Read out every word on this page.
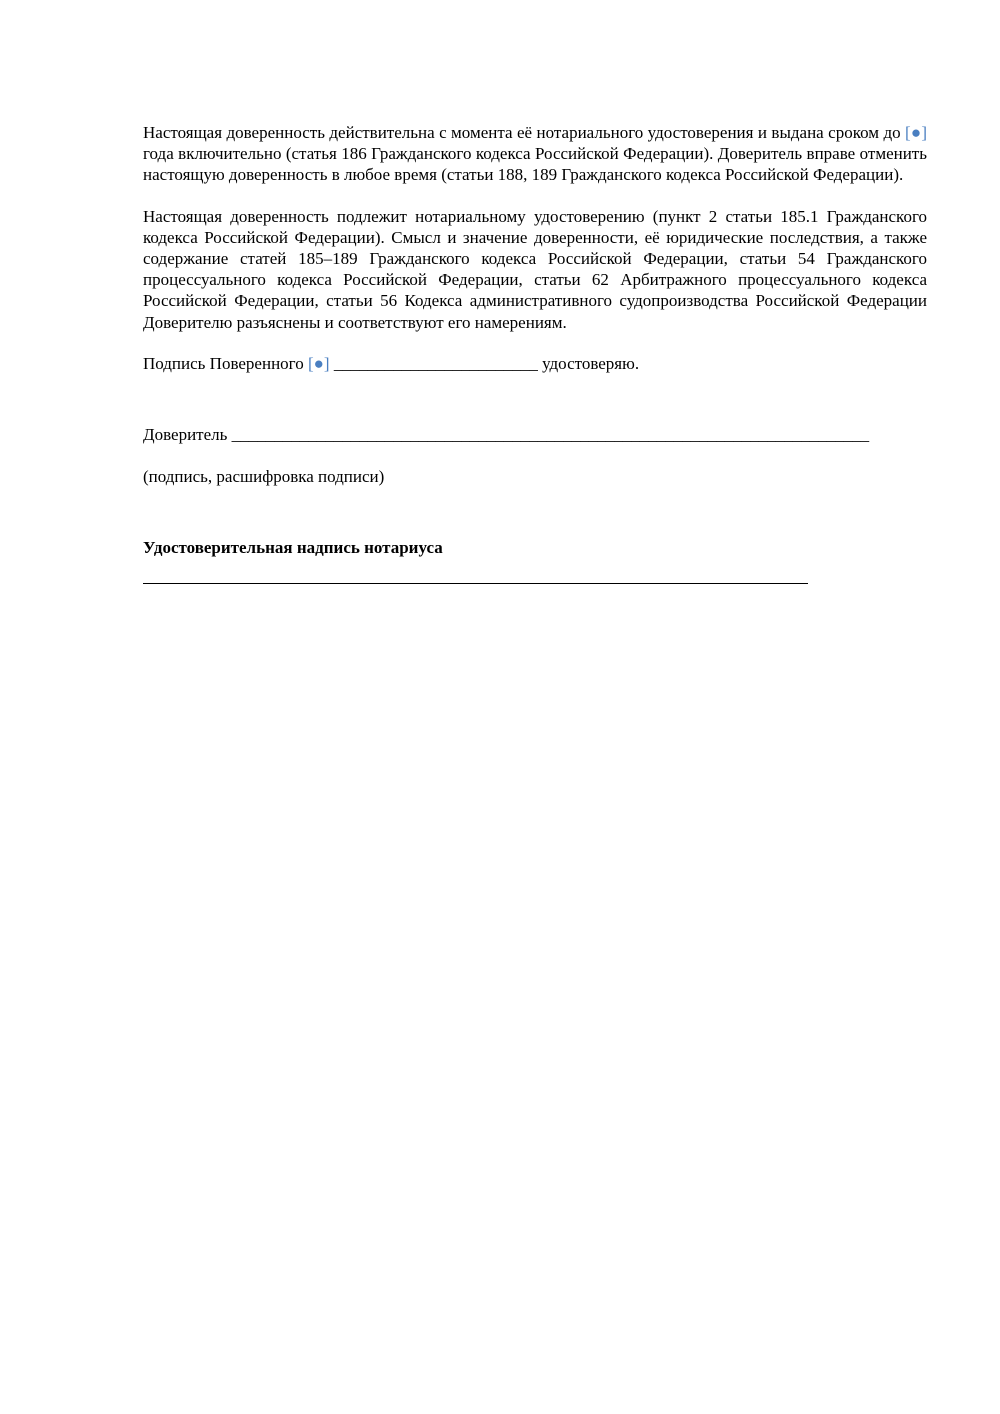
Настоящая доверенность действительна с момента её нотариального удостоверения и выдана сроком до [●] года включительно (статья 186 Гражданского кодекса Российской Федерации). Доверитель вправе отменить настоящую доверенность в любое время (статьи 188, 189 Гражданского кодекса Российской Федерации).

Настоящая доверенность подлежит нотариальному удостоверению (пункт 2 статьи 185.1 Гражданского кодекса Российской Федерации). Смысл и значение доверенности, её юридические последствия, а также содержание статей 185–189 Гражданского кодекса Российской Федерации, статьи 54 Гражданского процессуального кодекса Российской Федерации, статьи 62 Арбитражного процессуального кодекса Российской Федерации, статьи 56 Кодекса административного судопроизводства Российской Федерации Доверителю разъяснены и соответствуют его намерениям.

Подпись Поверенного [●] ________________________ удостоверяю.

Доверитель ___________________________________________________________________________

(подпись, расшифровка подписи)

Удостоверительная надпись нотариуса
